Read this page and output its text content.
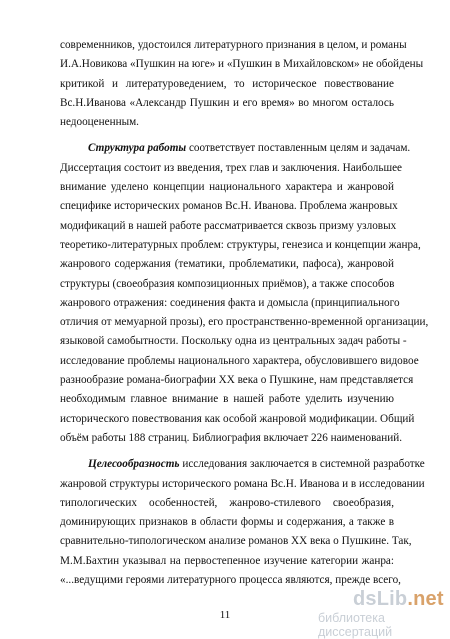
современников, удостоился литературного признания в целом, и романы
И.А.Новикова «Пушкин на юге» и «Пушкин в Михайловском» не обойдены
критикой и литературоведением, то историческое повествование
Вс.Н.Иванова «Александр Пушкин и его время» во многом осталось
недооцененным.
Структура работы соответствует поставленным целям и задачам.
Диссертация состоит из введения, трех глав и заключения. Наибольшее
внимание уделено концепции национального характера и жанровой
специфике исторических романов Вс.Н. Иванова. Проблема жанровых
модификаций в нашей работе рассматривается сквозь призму узловых
теоретико-литературных проблем: структуры, генезиса и концепции жанра,
жанрового содержания (тематики, проблематики, пафоса), жанровой
структуры (своеобразия композиционных приёмов), а также способов
жанрового отражения: соединения факта и домысла (принципиального
отличия от мемуарной прозы), его пространственно-временной организации,
языковой самобытности. Поскольку одна из центральных задач работы -
исследование проблемы национального характера, обусловившего видовое
разнообразие романа-биографии XX века о Пушкине, нам представляется
необходимым главное внимание в нашей работе уделить изучению
исторического повествования как особой жанровой модификации. Общий
объём работы 188 страниц. Библиография включает 226 наименований.
Целесообразность исследования заключается в системной разработке
жанровой структуры исторического романа Вс.Н. Иванова и в исследовании
типологических особенностей, жанрово-стилевого своеобразия,
доминирующих признаков в области формы и содержания, а также в
сравнительно-типологическом анализе романов XX века о Пушкине. Так,
М.М.Бахтин указывал на первостепенное изучение категории жанра:
«...ведущими героями литературного процесса являются, прежде всего,
11
dsLib.net
библиотека диссертаций
